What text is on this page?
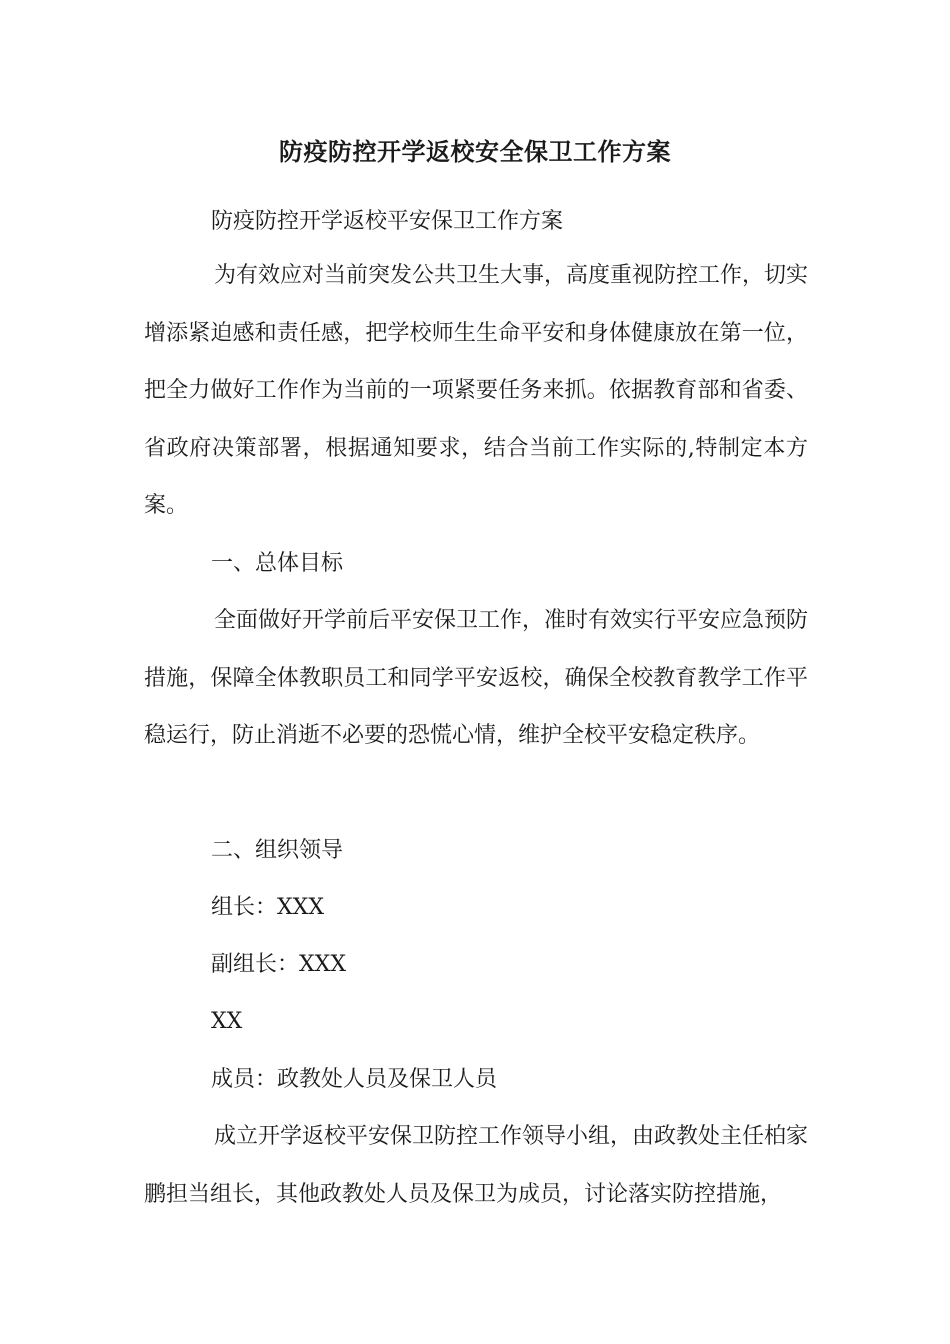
防疫防控开学返校安全保卫工作方案
防疫防控开学返校平安保卫工作方案
为有效应对当前突发公共卫生大事，高度重视防控工作，切实增添紧迫感和责任感，把学校师生生命平安和身体健康放在第一位，把全力做好工作作为当前的一项紧要任务来抓。依据教育部和省委、省政府决策部署，根据通知要求，结合当前工作实际的,特制定本方案。
一、总体目标
全面做好开学前后平安保卫工作，准时有效实行平安应急预防措施，保障全体教职员工和同学平安返校，确保全校教育教学工作平稳运行，防止消逝不必要的恐慌心情，维护全校平安稳定秩序。
二、组织领导
组长：XXX
副组长：XXX
XX
成员：政教处人员及保卫人员
成立开学返校平安保卫防控工作领导小组，由政教处主任柏家鹏担当组长，其他政教处人员及保卫为成员，讨论落实防控措施，
